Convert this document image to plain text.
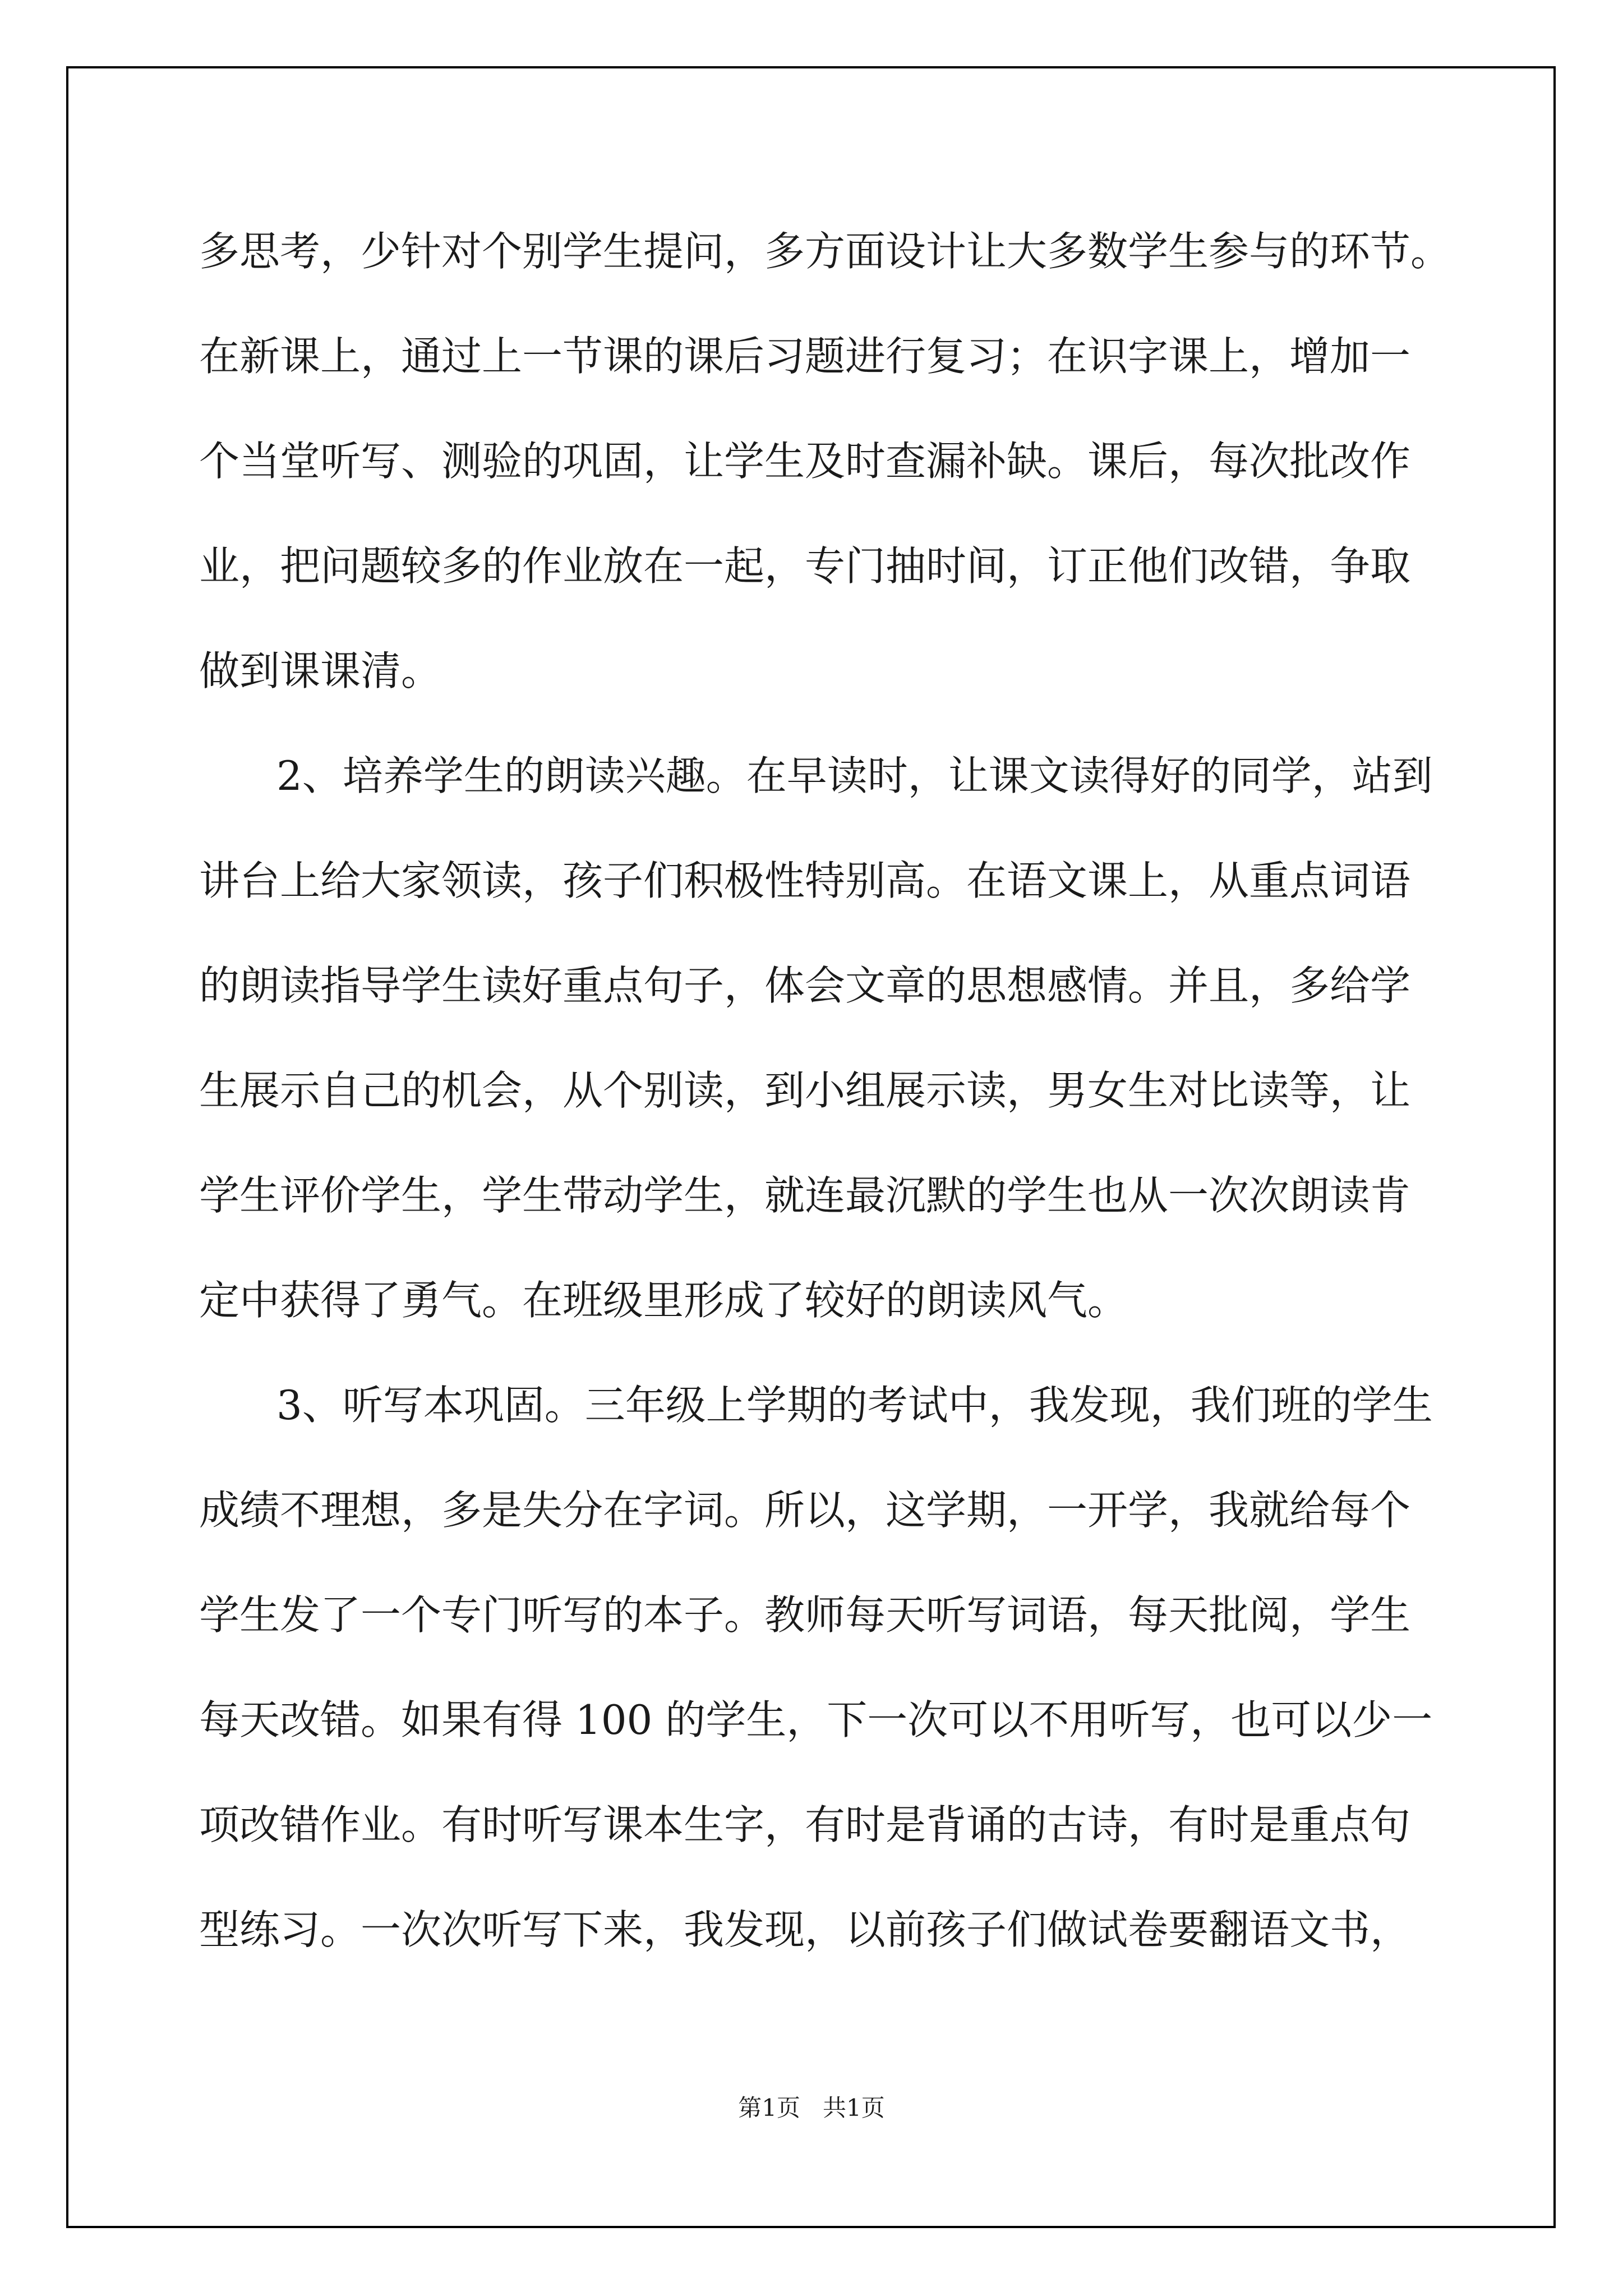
多思考，少针对个别学生提问，多方面设计让大多数学生参与的环节。

在新课上，通过上一节课的课后习题进行复习；在识字课上，增加一

个当堂听写、测验的巩固，让学生及时查漏补缺。课后，每次批改作

业，把问题较多的作业放在一起，专门抽时间，订正他们改错，争取

做到课课清。

2、培养学生的朗读兴趣。在早读时，让课文读得好的同学，站到

讲台上给大家领读，孩子们积极性特别高。在语文课上，从重点词语

的朗读指导学生读好重点句子，体会文章的思想感情。并且，多给学

生展示自己的机会，从个别读，到小组展示读，男女生对比读等，让

学生评价学生，学生带动学生，就连最沉默的学生也从一次次朗读肯

定中获得了勇气。在班级里形成了较好的朗读风气。

3、听写本巩固。三年级上学期的考试中，我发现，我们班的学生

成绩不理想，多是失分在字词。所以，这学期，一开学，我就给每个

学生发了一个专门听写的本子。教师每天听写词语，每天批阅，学生

每天改错。如果有得 100 的学生，下一次可以不用听写，也可以少一

项改错作业。有时听写课本生字，有时是背诵的古诗，有时是重点句

型练习。一次次听写下来，我发现，以前孩子们做试卷要翻语文书，

第1页   共1页
